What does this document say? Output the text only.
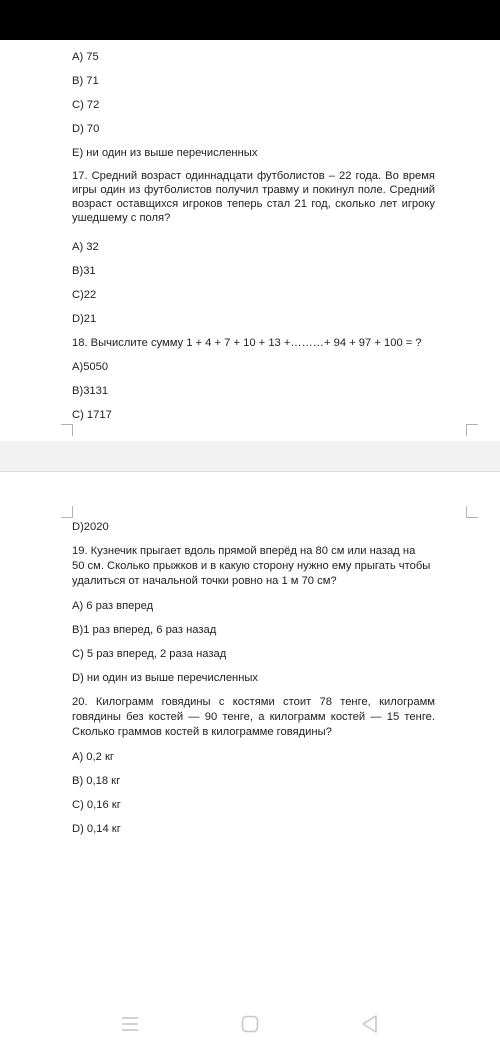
A) 75
B) 71
C) 72
D) 70
E) ни один из выше перечисленных
17. Средний возраст одиннадцати футболистов – 22 года. Во время
игры один из футболистов получил травму и покинул поле. Средний
возраст оставщихся игроков теперь стал 21 год, сколько лет игроку
ушедшему с поля?
A) 32
B)31
C)22
D)21
18. Вычислите сумму 1 + 4 + 7 + 10 + 13 +………+ 94 + 97 + 100 = ?
A)5050
B)3131
C) 1717
D)2020
19. Кузнечик прыгает вдоль прямой вперёд на 80 см или назад на
50 см. Сколько прыжков и в какую сторону нужно ему прыгать чтобы
удалиться от начальной точки ровно на 1 м 70 см?
A) 6 раз вперед
B)1 раз вперед, 6 раз назад
C) 5 раз вперед, 2 раза назад
D) ни один из выше перечисленных
20. Килограмм говядины с костями стоит 78 тенге, килограмм
говядины без костей — 90 тенге, а килограмм костей — 15 тенге.
Сколько граммов костей в килограмме говядины?
A) 0,2 кг
B) 0,18 кг
C) 0,16 кг
D) 0,14 кг
